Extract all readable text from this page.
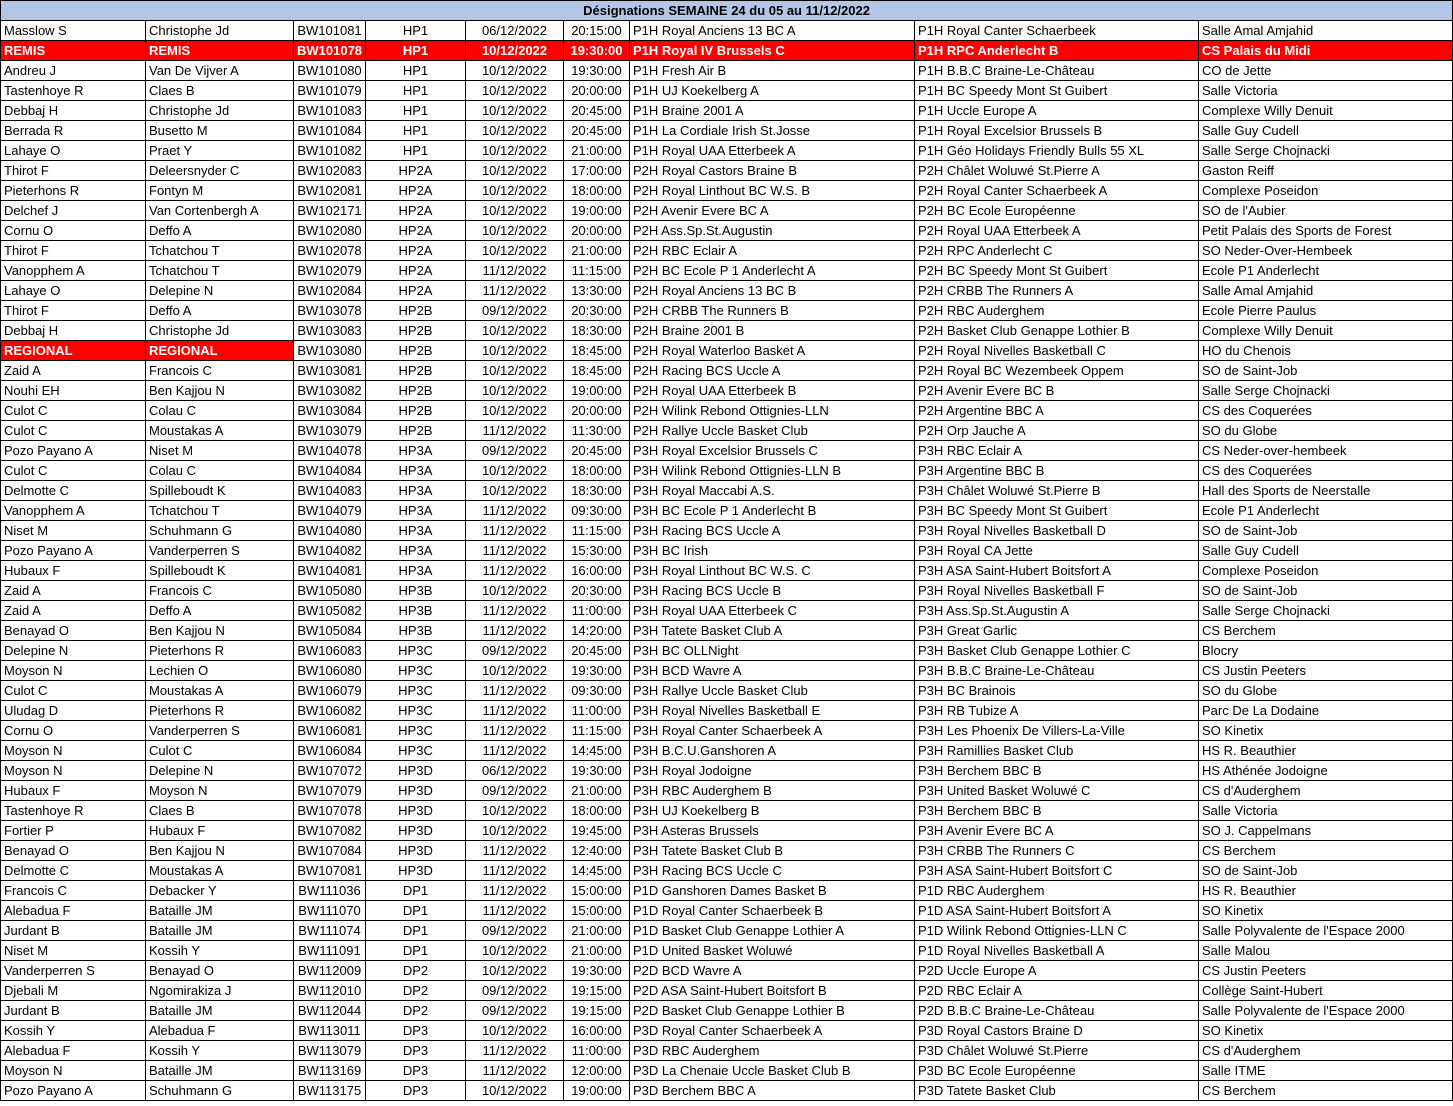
Désignations SEMAINE 24 du 05 au 11/12/2022								
Masslow S	Christophe Jd	BW101081	HP1	06/12/2022	20:15:00	P1H Royal Anciens 13 BC A	P1H Royal Canter Schaerbeek	Salle Amal Amjahid
REMIS	REMIS	BW101078	HP1	10/12/2022	19:30:00	P1H Royal IV Brussels C	P1H RPC Anderlecht B	CS Palais du Midi
Andreu J	Van De Vijver A	BW101080	HP1	10/12/2022	19:30:00	P1H Fresh Air B	P1H B.B.C Braine-Le-Château	CO de Jette
Tastenhoye R	Claes B	BW101079	HP1	10/12/2022	20:00:00	P1H UJ Koekelberg A	P1H BC Speedy Mont St Guibert	Salle Victoria
Debbaj H	Christophe Jd	BW101083	HP1	10/12/2022	20:45:00	P1H Braine 2001 A	P1H Uccle Europe A	Complexe Willy Denuit
Berrada R	Busetto M	BW101084	HP1	10/12/2022	20:45:00	P1H La Cordiale Irish St.Josse	P1H Royal Excelsior Brussels B	Salle Guy Cudell
Lahaye O	Praet Y	BW101082	HP1	10/12/2022	21:00:00	P1H Royal UAA Etterbeek A	P1H Géo Holidays Friendly Bulls 55 XL	Salle Serge Chojnacki
Thirot F	Deleersnyder C	BW102083	HP2A	10/12/2022	17:00:00	P2H Royal Castors Braine B	P2H Châlet Woluwé St.Pierre A	Gaston Reiff
Pieterhons R	Fontyn M	BW102081	HP2A	10/12/2022	18:00:00	P2H Royal Linthout BC W.S. B	P2H Royal Canter Schaerbeek A	Complexe Poseidon
Delchef J	Van Cortenbergh A	BW102171	HP2A	10/12/2022	19:00:00	P2H Avenir Evere BC A	P2H BC Ecole Européenne	SO de l'Aubier
Cornu O	Deffo A	BW102080	HP2A	10/12/2022	20:00:00	P2H Ass.Sp.St.Augustin	P2H Royal UAA Etterbeek A	Petit Palais des Sports de Forest
Thirot F	Tchatchou T	BW102078	HP2A	10/12/2022	21:00:00	P2H RBC Eclair A	P2H RPC Anderlecht C	SO Neder-Over-Hembeek
Vanopphem A	Tchatchou T	BW102079	HP2A	11/12/2022	11:15:00	P2H BC Ecole P 1 Anderlecht A	P2H BC Speedy Mont St Guibert	Ecole P1 Anderlecht
Lahaye O	Delepine N	BW102084	HP2A	11/12/2022	13:30:00	P2H Royal Anciens 13 BC B	P2H CRBB The Runners A	Salle Amal Amjahid
Thirot F	Deffo A	BW103078	HP2B	09/12/2022	20:30:00	P2H CRBB The Runners B	P2H RBC Auderghem	Ecole Pierre Paulus
Debbaj H	Christophe Jd	BW103083	HP2B	10/12/2022	18:30:00	P2H Braine 2001 B	P2H Basket Club Genappe Lothier B	Complexe Willy Denuit
REGIONAL	REGIONAL	BW103080	HP2B	10/12/2022	18:45:00	P2H Royal Waterloo Basket A	P2H Royal Nivelles Basketball C	HO du Chenois
Zaid A	Francois C	BW103081	HP2B	10/12/2022	18:45:00	P2H Racing BCS Uccle A	P2H Royal BC Wezembeek Oppem	SO de Saint-Job
Nouhi EH	Ben Kajjou N	BW103082	HP2B	10/12/2022	19:00:00	P2H Royal UAA Etterbeek B	P2H Avenir Evere BC B	Salle Serge Chojnacki
Culot C	Colau C	BW103084	HP2B	10/12/2022	20:00:00	P2H Wilink Rebond Ottignies-LLN	P2H Argentine BBC A	CS des Coquerées
Culot C	Moustakas A	BW103079	HP2B	11/12/2022	11:30:00	P2H Rallye Uccle Basket Club	P2H Orp Jauche A	SO du Globe
Pozo Payano A	Niset M	BW104078	HP3A	09/12/2022	20:45:00	P3H Royal Excelsior Brussels C	P3H RBC Eclair A	CS Neder-over-hembeek
Culot C	Colau C	BW104084	HP3A	10/12/2022	18:00:00	P3H Wilink Rebond Ottignies-LLN B	P3H Argentine BBC B	CS des Coquerées
Delmotte C	Spilleboudt K	BW104083	HP3A	10/12/2022	18:30:00	P3H Royal Maccabi A.S.	P3H Châlet Woluwé St.Pierre B	Hall des Sports de Neerstalle
Vanopphem A	Tchatchou T	BW104079	HP3A	11/12/2022	09:30:00	P3H BC Ecole P 1 Anderlecht B	P3H BC Speedy Mont St Guibert	Ecole P1 Anderlecht
Niset M	Schuhmann G	BW104080	HP3A	11/12/2022	11:15:00	P3H Racing BCS Uccle A	P3H Royal Nivelles Basketball D	SO de Saint-Job
Pozo Payano A	Vanderperren S	BW104082	HP3A	11/12/2022	15:30:00	P3H BC Irish	P3H Royal CA Jette	Salle Guy Cudell
Hubaux F	Spilleboudt K	BW104081	HP3A	11/12/2022	16:00:00	P3H Royal Linthout BC W.S. C	P3H ASA Saint-Hubert Boitsfort A	Complexe Poseidon
Zaid A	Francois C	BW105080	HP3B	10/12/2022	20:30:00	P3H Racing BCS Uccle B	P3H Royal Nivelles Basketball F	SO de Saint-Job
Zaid A	Deffo A	BW105082	HP3B	11/12/2022	11:00:00	P3H Royal UAA Etterbeek C	P3H Ass.Sp.St.Augustin A	Salle Serge Chojnacki
Benayad O	Ben Kajjou N	BW105084	HP3B	11/12/2022	14:20:00	P3H Tatete Basket Club A	P3H Great Garlic	CS Berchem
Delepine N	Pieterhons R	BW106083	HP3C	09/12/2022	20:45:00	P3H BC OLLNight	P3H Basket Club Genappe Lothier C	Blocry
Moyson N	Lechien O	BW106080	HP3C	10/12/2022	19:30:00	P3H BCD Wavre A	P3H B.B.C Braine-Le-Château	CS Justin Peeters
Culot C	Moustakas A	BW106079	HP3C	11/12/2022	09:30:00	P3H Rallye Uccle Basket Club	P3H BC Brainois	SO du Globe
Uludag D	Pieterhons R	BW106082	HP3C	11/12/2022	11:00:00	P3H Royal Nivelles Basketball E	P3H RB Tubize A	Parc De La Dodaine
Cornu O	Vanderperren S	BW106081	HP3C	11/12/2022	11:15:00	P3H Royal Canter Schaerbeek A	P3H Les Phoenix De Villers-La-Ville	SO Kinetix
Moyson N	Culot C	BW106084	HP3C	11/12/2022	14:45:00	P3H B.C.U.Ganshoren A	P3H Ramillies Basket Club	HS R. Beauthier
Moyson N	Delepine N	BW107072	HP3D	06/12/2022	19:30:00	P3H Royal Jodoigne	P3H Berchem BBC B	HS Athénée Jodoigne
Hubaux F	Moyson N	BW107079	HP3D	09/12/2022	21:00:00	P3H RBC Auderghem B	P3H United Basket Woluwé C	CS d'Auderghem
Tastenhoye R	Claes B	BW107078	HP3D	10/12/2022	18:00:00	P3H UJ Koekelberg B	P3H Berchem BBC B	Salle Victoria
Fortier P	Hubaux F	BW107082	HP3D	10/12/2022	19:45:00	P3H Asteras Brussels	P3H Avenir Evere BC A	SO J. Cappelmans
Benayad O	Ben Kajjou N	BW107084	HP3D	11/12/2022	12:40:00	P3H Tatete Basket Club B	P3H CRBB The Runners C	CS Berchem
Delmotte C	Moustakas A	BW107081	HP3D	11/12/2022	14:45:00	P3H Racing BCS Uccle C	P3H ASA Saint-Hubert Boitsfort C	SO de Saint-Job
Francois C	Debacker Y	BW111036	DP1	11/12/2022	15:00:00	P1D Ganshoren Dames Basket B	P1D RBC Auderghem	HS R. Beauthier
Alebadua F	Bataille JM	BW111070	DP1	11/12/2022	15:00:00	P1D Royal Canter Schaerbeek B	P1D ASA Saint-Hubert Boitsfort A	SO Kinetix
Jurdant B	Bataille JM	BW111074	DP1	09/12/2022	21:00:00	P1D Basket Club Genappe Lothier A	P1D Wilink Rebond Ottignies-LLN C	Salle Polyvalente de l'Espace 2000
Niset M	Kossih Y	BW111091	DP1	10/12/2022	21:00:00	P1D United Basket Woluwé	P1D Royal Nivelles Basketball A	Salle Malou
Vanderperren S	Benayad O	BW112009	DP2	10/12/2022	19:30:00	P2D BCD Wavre A	P2D Uccle Europe A	CS Justin Peeters
Djebali M	Ngomirakiza J	BW112010	DP2	09/12/2022	19:15:00	P2D ASA Saint-Hubert Boitsfort B	P2D RBC Eclair A	Collège Saint-Hubert
Jurdant B	Bataille JM	BW112044	DP2	09/12/2022	19:15:00	P2D Basket Club Genappe Lothier B	P2D B.B.C Braine-Le-Château	Salle Polyvalente de l'Espace 2000
Kossih Y	Alebadua F	BW113011	DP3	10/12/2022	16:00:00	P3D Royal Canter Schaerbeek A	P3D Royal Castors Braine D	SO Kinetix
Alebadua F	Kossih Y	BW113079	DP3	11/12/2022	11:00:00	P3D RBC Auderghem	P3D Châlet Woluwé St.Pierre	CS d'Auderghem
Moyson N	Bataille JM	BW113169	DP3	11/12/2022	12:00:00	P3D La Chenaie Uccle Basket Club B	P3D BC Ecole Européenne	Salle ITME
Pozo Payano A	Schuhmann G	BW113175	DP3	10/12/2022	19:00:00	P3D Berchem BBC A	P3D Tatete Basket Club	CS Berchem
